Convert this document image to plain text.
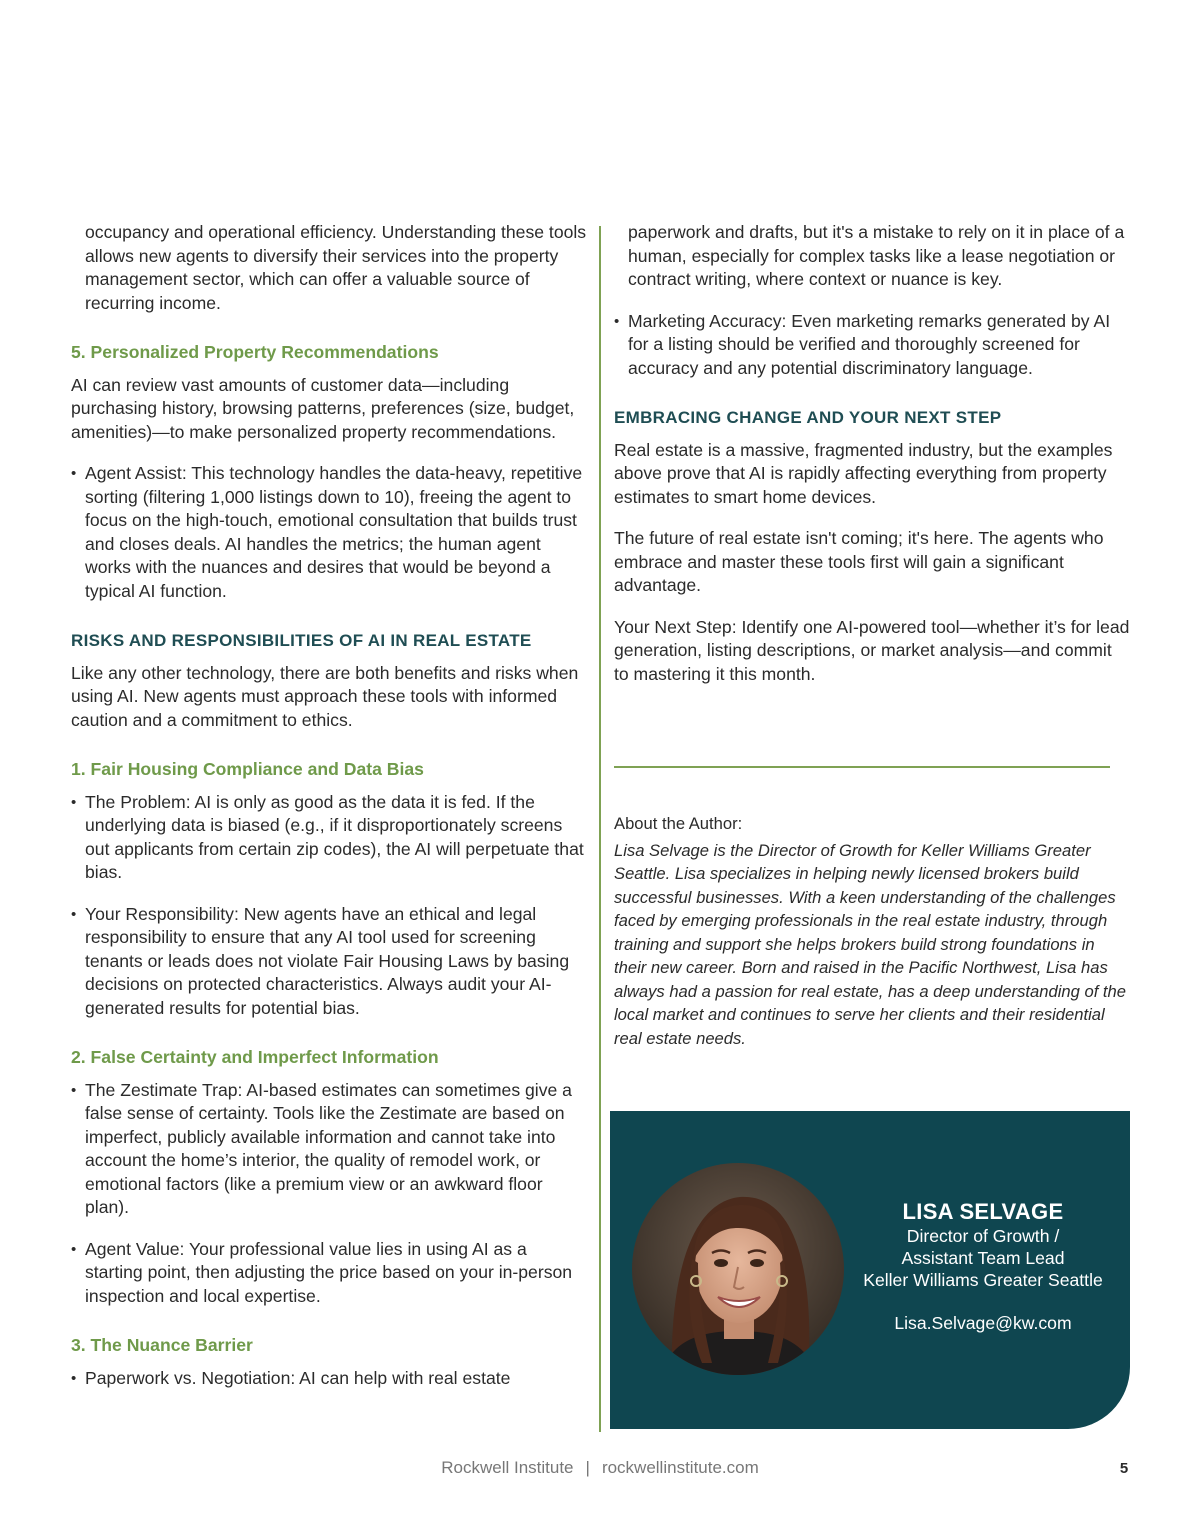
occupancy and operational efficiency. Understanding these tools allows new agents to diversify their services into the property management sector, which can offer a valuable source of recurring income.

5. Personalized Property Recommendations

AI can review vast amounts of customer data—including purchasing history, browsing patterns, preferences (size, budget, amenities)—to make personalized property recommendations.

• Agent Assist: This technology handles the data-heavy, repetitive sorting (filtering 1,000 listings down to 10), freeing the agent to focus on the high-touch, emotional consultation that builds trust and closes deals. AI handles the metrics; the human agent works with the nuances and desires that would be beyond a typical AI function.
RISKS AND RESPONSIBILITIES OF AI IN REAL ESTATE

Like any other technology, there are both benefits and risks when using AI. New agents must approach these tools with informed caution and a commitment to ethics.

1. Fair Housing Compliance and Data Bias
• The Problem: AI is only as good as the data it is fed. If the underlying data is biased (e.g., if it disproportionately screens out applicants from certain zip codes), the AI will perpetuate that bias.
• Your Responsibility: New agents have an ethical and legal responsibility to ensure that any AI tool used for screening tenants or leads does not violate Fair Housing Laws by basing decisions on protected characteristics. Always audit your AI-generated results for potential bias.
2. False Certainty and Imperfect Information
• The Zestimate Trap: AI-based estimates can sometimes give a false sense of certainty. Tools like the Zestimate are based on imperfect, publicly available information and cannot take into account the home’s interior, the quality of remodel work, or emotional factors (like a premium view or an awkward floor plan).
• Agent Value: Your professional value lies in using AI as a starting point, then adjusting the price based on your in-person inspection and local expertise.
3. The Nuance Barrier
• Paperwork vs. Negotiation: AI can help with real estate

paperwork and drafts, but it's a mistake to rely on it in place of a human, especially for complex tasks like a lease negotiation or contract writing, where context or nuance is key.

• Marketing Accuracy: Even marketing remarks generated by AI for a listing should be verified and thoroughly screened for accuracy and any potential discriminatory language.
EMBRACING CHANGE AND YOUR NEXT STEP

Real estate is a massive, fragmented industry, but the examples above prove that AI is rapidly affecting everything from property estimates to smart home devices.

The future of real estate isn't coming; it's here. The agents who embrace and master these tools first will gain a significant advantage.

Your Next Step: Identify one AI-powered tool—whether it’s for lead generation, listing descriptions, or market analysis—and commit to mastering it this month.

About the Author:

Lisa Selvage is the Director of Growth for Keller Williams Greater Seattle. Lisa specializes in helping newly licensed brokers build successful businesses. With a keen understanding of the challenges faced by emerging professionals in the real estate industry, through training and support she helps brokers build strong foundations in their new career. Born and raised in the Pacific Northwest, Lisa has always had a passion for real estate, has a deep understanding of the local market and continues to serve her clients and their residential real estate needs.

LISA SELVAGE
Director of Growth /
Assistant Team Lead
Keller Williams Greater Seattle
Lisa.Selvage@kw.com
Rockwell Institute | rockwellinstitute.com	5
